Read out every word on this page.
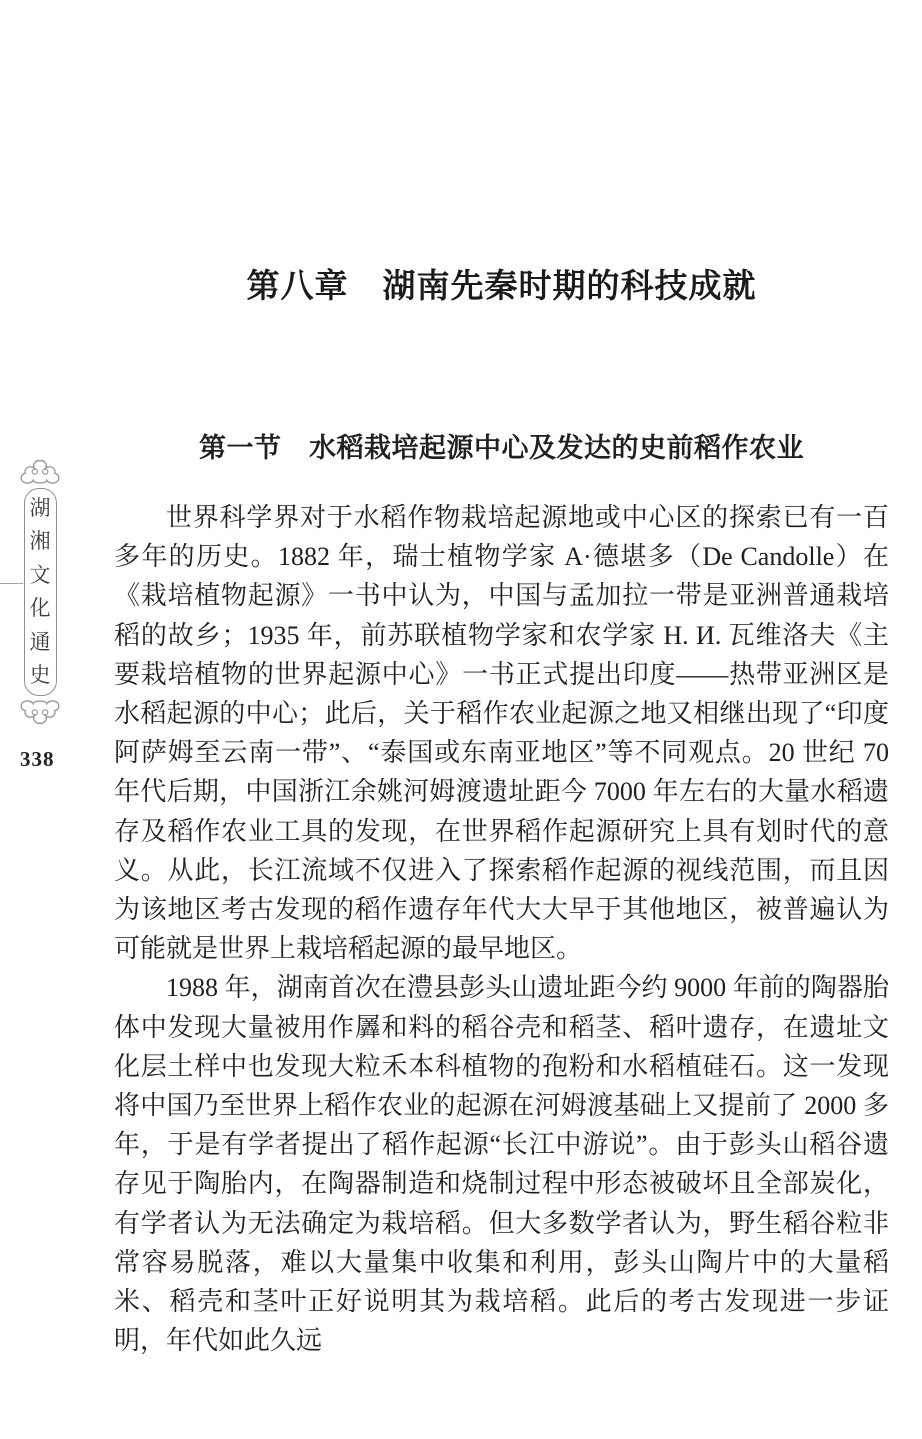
湖
湘
文
化
通
史
338
第八章　湖南先秦时期的科技成就
第一节　水稻栽培起源中心及发达的史前稻作农业

世界科学界对于水稻作物栽培起源地或中心区的探索已有一百多年的历史。1882 年，瑞士植物学家 A·德堪多（De Candolle）在《栽培植物起源》一书中认为，中国与孟加拉一带是亚洲普通栽培稻的故乡；1935 年，前苏联植物学家和农学家 Н. И. 瓦维洛夫《主要栽培植物的世界起源中心》一书正式提出印度——热带亚洲区是水稻起源的中心；此后，关于稻作农业起源之地又相继出现了“印度阿萨姆至云南一带”、“泰国或东南亚地区”等不同观点。20 世纪 70 年代后期，中国浙江余姚河姆渡遗址距今 7000 年左右的大量水稻遗存及稻作农业工具的发现，在世界稻作起源研究上具有划时代的意义。从此，长江流域不仅进入了探索稻作起源的视线范围，而且因为该地区考古发现的稻作遗存年代大大早于其他地区，被普遍认为可能就是世界上栽培稻起源的最早地区。

1988 年，湖南首次在澧县彭头山遗址距今约 9000 年前的陶器胎体中发现大量被用作羼和料的稻谷壳和稻茎、稻叶遗存，在遗址文化层土样中也发现大粒禾本科植物的孢粉和水稻植硅石。这一发现将中国乃至世界上稻作农业的起源在河姆渡基础上又提前了 2000 多年，于是有学者提出了稻作起源“长江中游说”。由于彭头山稻谷遗存见于陶胎内，在陶器制造和烧制过程中形态被破坏且全部炭化，有学者认为无法确定为栽培稻。但大多数学者认为，野生稻谷粒非常容易脱落，难以大量集中收集和利用，彭头山陶片中的大量稻米、稻壳和茎叶正好说明其为栽培稻。此后的考古发现进一步证明，年代如此久远
